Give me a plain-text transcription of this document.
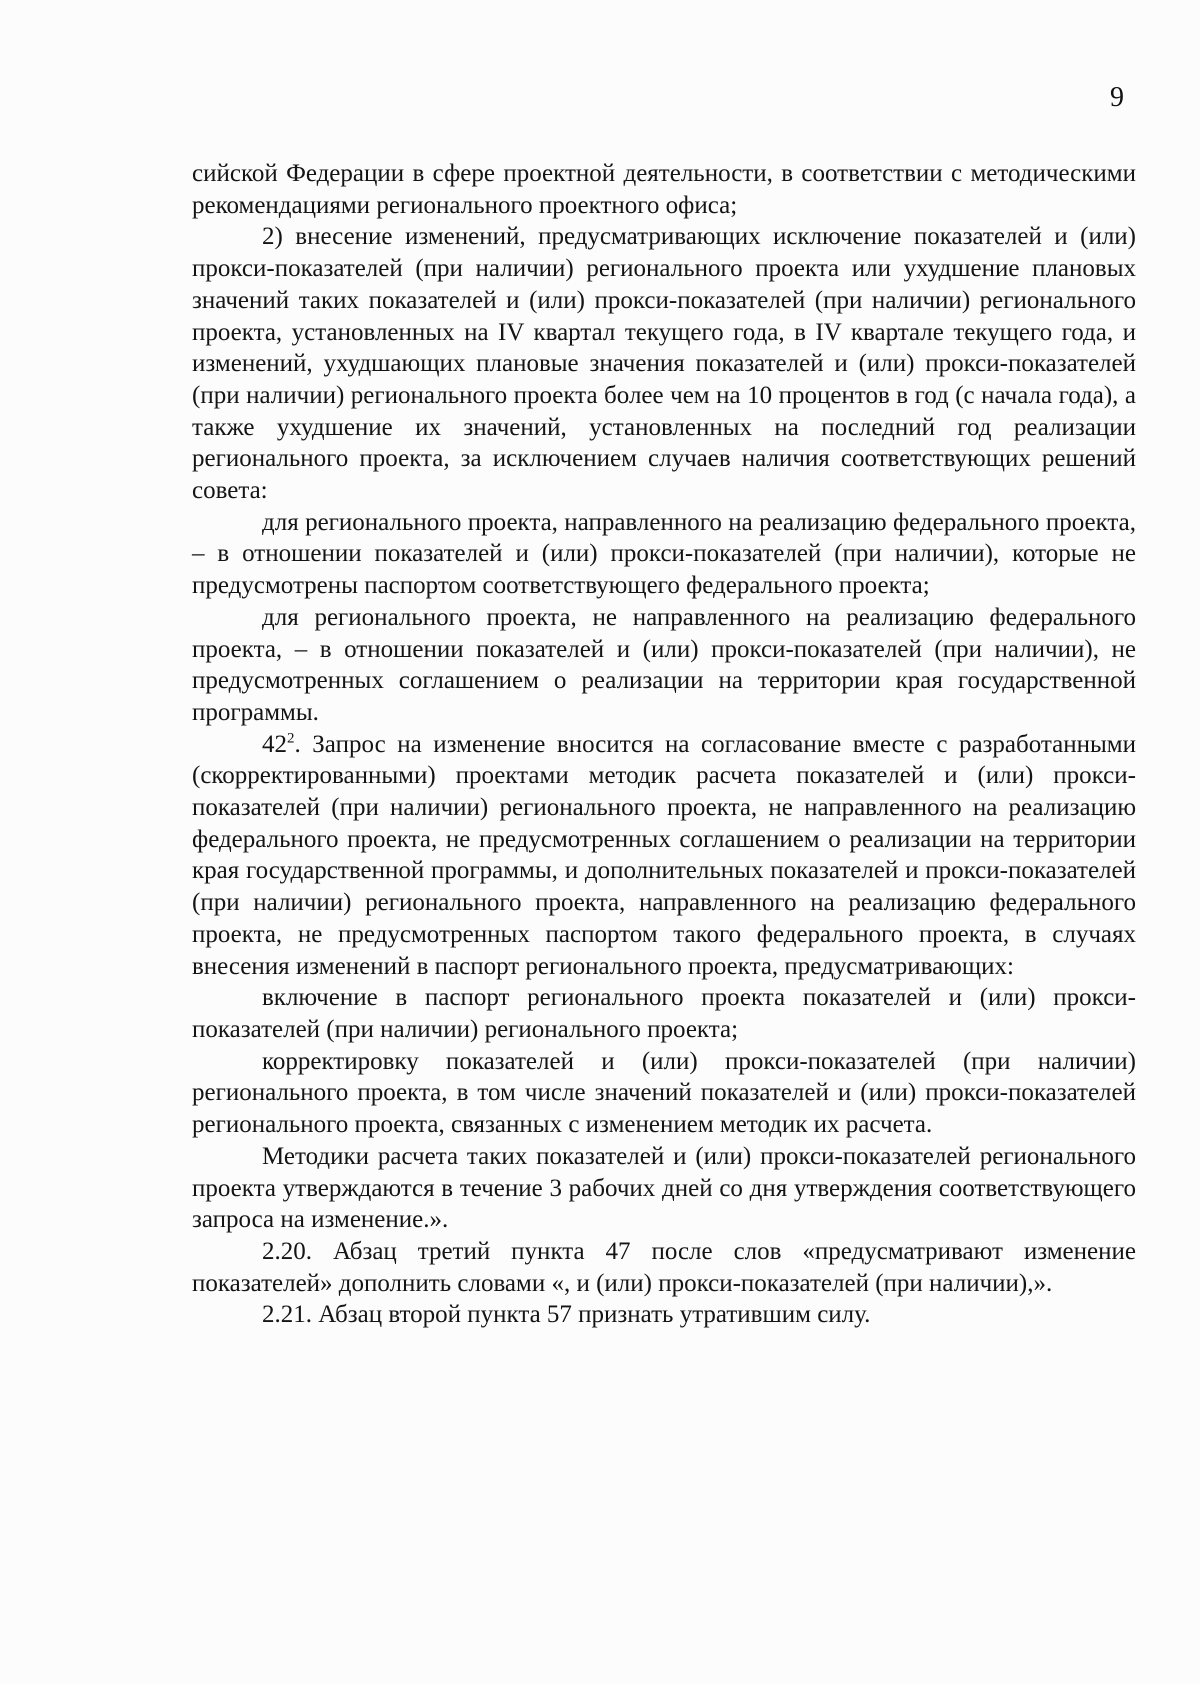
9

сийской Федерации в сфере проектной деятельности, в соответствии с методическими рекомендациями регионального проектного офиса;

2) внесение изменений, предусматривающих исключение показателей и (или) прокси-показателей (при наличии) регионального проекта или ухудшение плановых значений таких показателей и (или) прокси-показателей (при наличии) регионального проекта, установленных на IV квартал текущего года, в IV квартале текущего года, и изменений, ухудшающих плановые значения показателей и (или) прокси-показателей (при наличии) регионального проекта более чем на 10 процентов в год (с начала года), а также ухудшение их значений, установленных на последний год реализации регионального проекта, за исключением случаев наличия соответствующих решений совета:

для регионального проекта, направленного на реализацию федерального проекта, – в отношении показателей и (или) прокси-показателей (при наличии), которые не предусмотрены паспортом соответствующего федерального проекта;

для регионального проекта, не направленного на реализацию федерального проекта, – в отношении показателей и (или) прокси-показателей (при наличии), не предусмотренных соглашением о реализации на территории края государственной программы.

$42^2$. Запрос на изменение вносится на согласование вместе с разработанными (скорректированными) проектами методик расчета показателей и (или) прокси-показателей (при наличии) регионального проекта, не направленного на реализацию федерального проекта, не предусмотренных соглашением о реализации на территории края государственной программы, и дополнительных показателей и прокси-показателей (при наличии) регионального проекта, направленного на реализацию федерального проекта, не предусмотренных паспортом такого федерального проекта, в случаях внесения изменений в паспорт регионального проекта, предусматривающих:

включение в паспорт регионального проекта показателей и (или) прокси-показателей (при наличии) регионального проекта;

корректировку показателей и (или) прокси-показателей (при наличии) регионального проекта, в том числе значений показателей и (или) прокси-показателей регионального проекта, связанных с изменением методик их расчета.

Методики расчета таких показателей и (или) прокси-показателей регионального проекта утверждаются в течение 3 рабочих дней со дня утверждения соответствующего запроса на изменение.».

2.20. Абзац третий пункта 47 после слов «предусматривают изменение показателей» дополнить словами «, и (или) прокси-показателей (при наличии),».

2.21. Абзац второй пункта 57 признать утратившим силу.
